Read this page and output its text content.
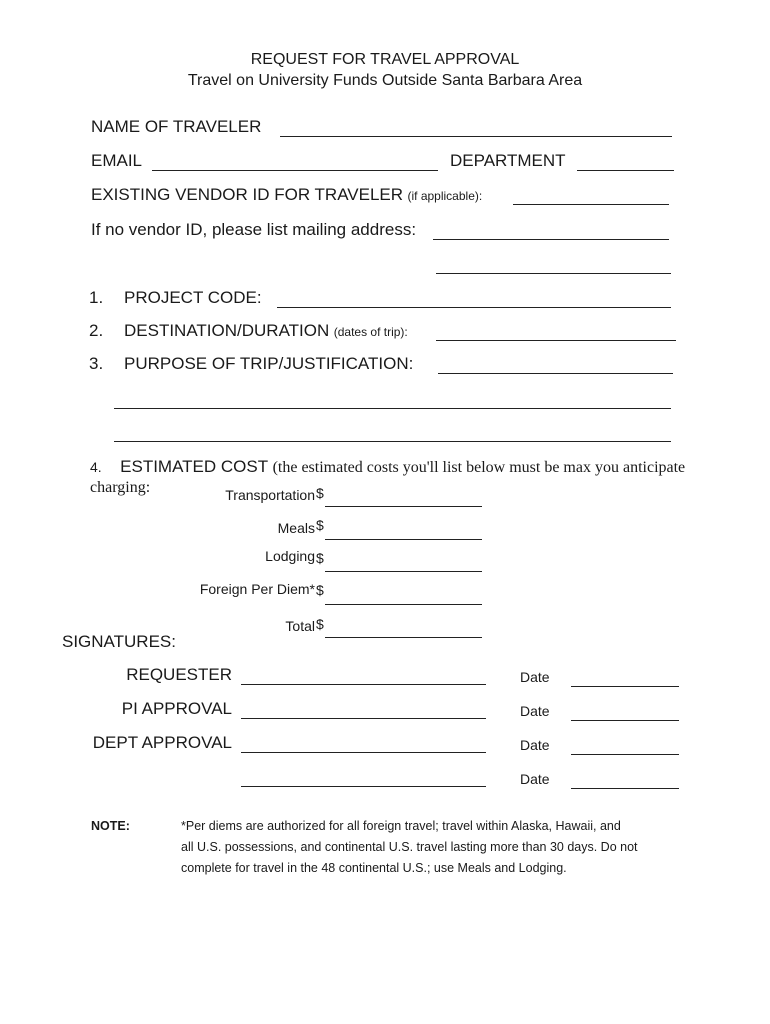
REQUEST FOR TRAVEL APPROVAL
Travel on University Funds Outside Santa Barbara Area
NAME OF TRAVELER
EMAIL	DEPARTMENT
EXISTING VENDOR ID FOR TRAVELER (if applicable):
If no vendor ID, please list mailing address:
1. PROJECT CODE:
2. DESTINATION/DURATION (dates of trip):
3. PURPOSE OF TRIP/JUSTIFICATION:
4. ESTIMATED COST (the estimated costs you'll list below must be max you anticipate
charging:	Transportation $
Meals $
Lodging $
Foreign Per Diem* $
Total $
SIGNATURES:
REQUESTER	Date
PI APPROVAL	Date
DEPT APPROVAL	Date
Date
NOTE:	*Per diems are authorized for all foreign travel; travel within Alaska, Hawaii, and
all U.S. possessions, and continental U.S. travel lasting more than 30 days. Do not
complete for travel in the 48 continental U.S.; use Meals and Lodging.
